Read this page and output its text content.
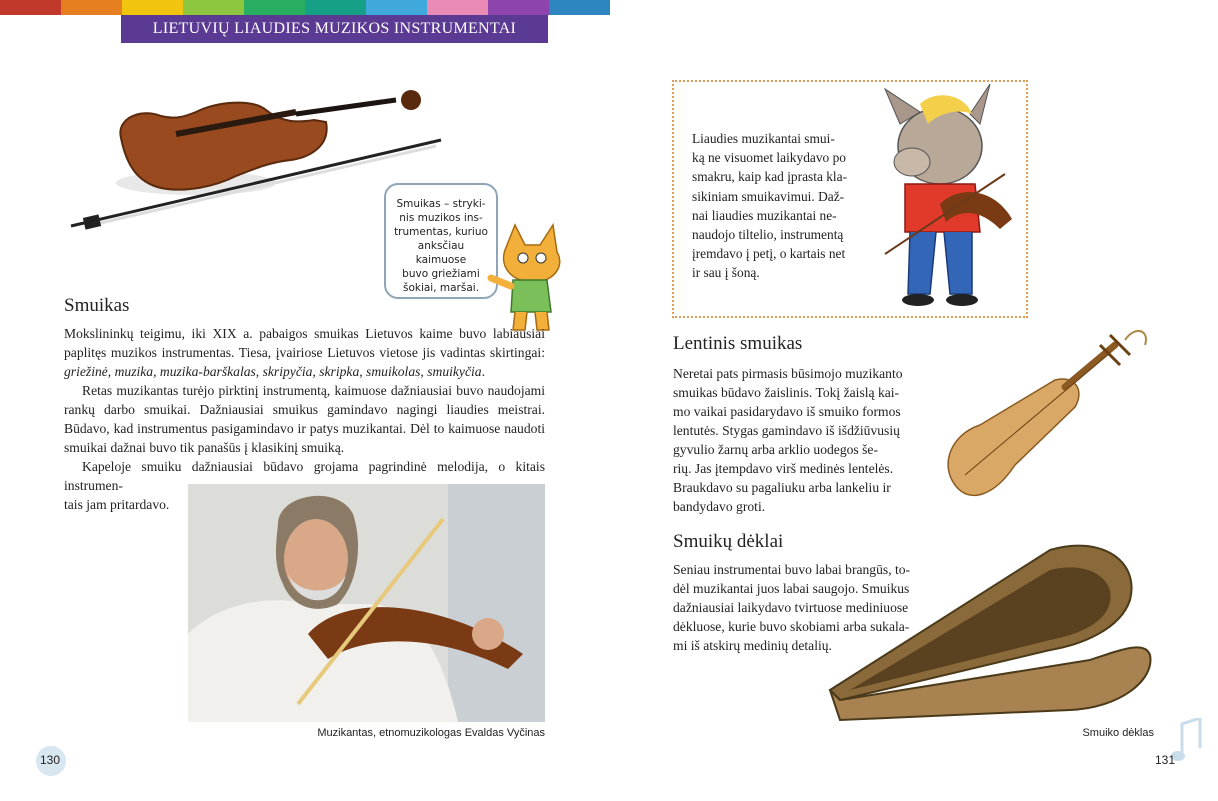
LIETUVIŲ LIAUDIES MUZIKOS INSTRUMENTAI
Smuikas – stryki-
nis muzikos ins-
trumentas, kuriuo
anksčiau kaimuose
buvo griežiami
šokiai, maršai.
Smuikas

Mokslininkų teigimu, iki XIX a. pabaigos smuikas Lietuvos kaime buvo labiausiai paplitęs muzikos instrumentas. Tiesa, įvairiose Lietuvos vietose jis vadintas skirtingai: griežinė, muzika, muzika-barškalas, skripyčia, skripka, smuikolas, smuikyčia.

Retas muzikantas turėjo pirktinį instrumentą, kaimuose dažniausiai buvo naudojami rankų darbo smuikai. Dažniausiai smuikus gamindavo nagingi liaudies meistrai. Būdavo, kad instrumentus pasigamindavo ir patys muzikantai. Dėl to kaimuose naudoti smuikai dažnai buvo tik panašūs į klasikinį smuiką.

Kapeloje smuiku dažniausiai būdavo grojama pagrindinė melodija, o kitais instrumen-

tais jam pritardavo.

Muzikantas, etnomuzikologas Evaldas Vyčinas
130
Liaudies muzikantai smui-
ką ne visuomet laikydavo po
smakru, kaip kad įprasta kla-
sikiniam smuikavimui. Daž-
nai liaudies muzikantai ne-
naudojo tiltelio, instrumentą
įremdavo į petį, o kartais net
ir sau į šoną.
Lentinis smuikas
Neretai pats pirmasis būsimojo muzikanto
smuikas būdavo žaislinis. Tokį žaislą kai-
mo vaikai pasidarydavo iš smuiko formos
lentutės. Stygas gamindavo iš išdžiūvusių
gyvulio žarnų arba arklio uodegos še-
rių. Jas įtempdavo virš medinės lentelės.
Braukdavo su pagaliuku arba lankeliu ir
bandydavo groti.
Smuikų dėklai
Seniau instrumentai buvo labai brangūs, to-
dėl muzikantai juos labai saugojo. Smuikus
dažniausiai laikydavo tvirtuose mediniuose
dėkluose, kurie buvo skobiami arba sukala-
mi iš atskirų medinių detalių.
Smuiko dėklas
131
